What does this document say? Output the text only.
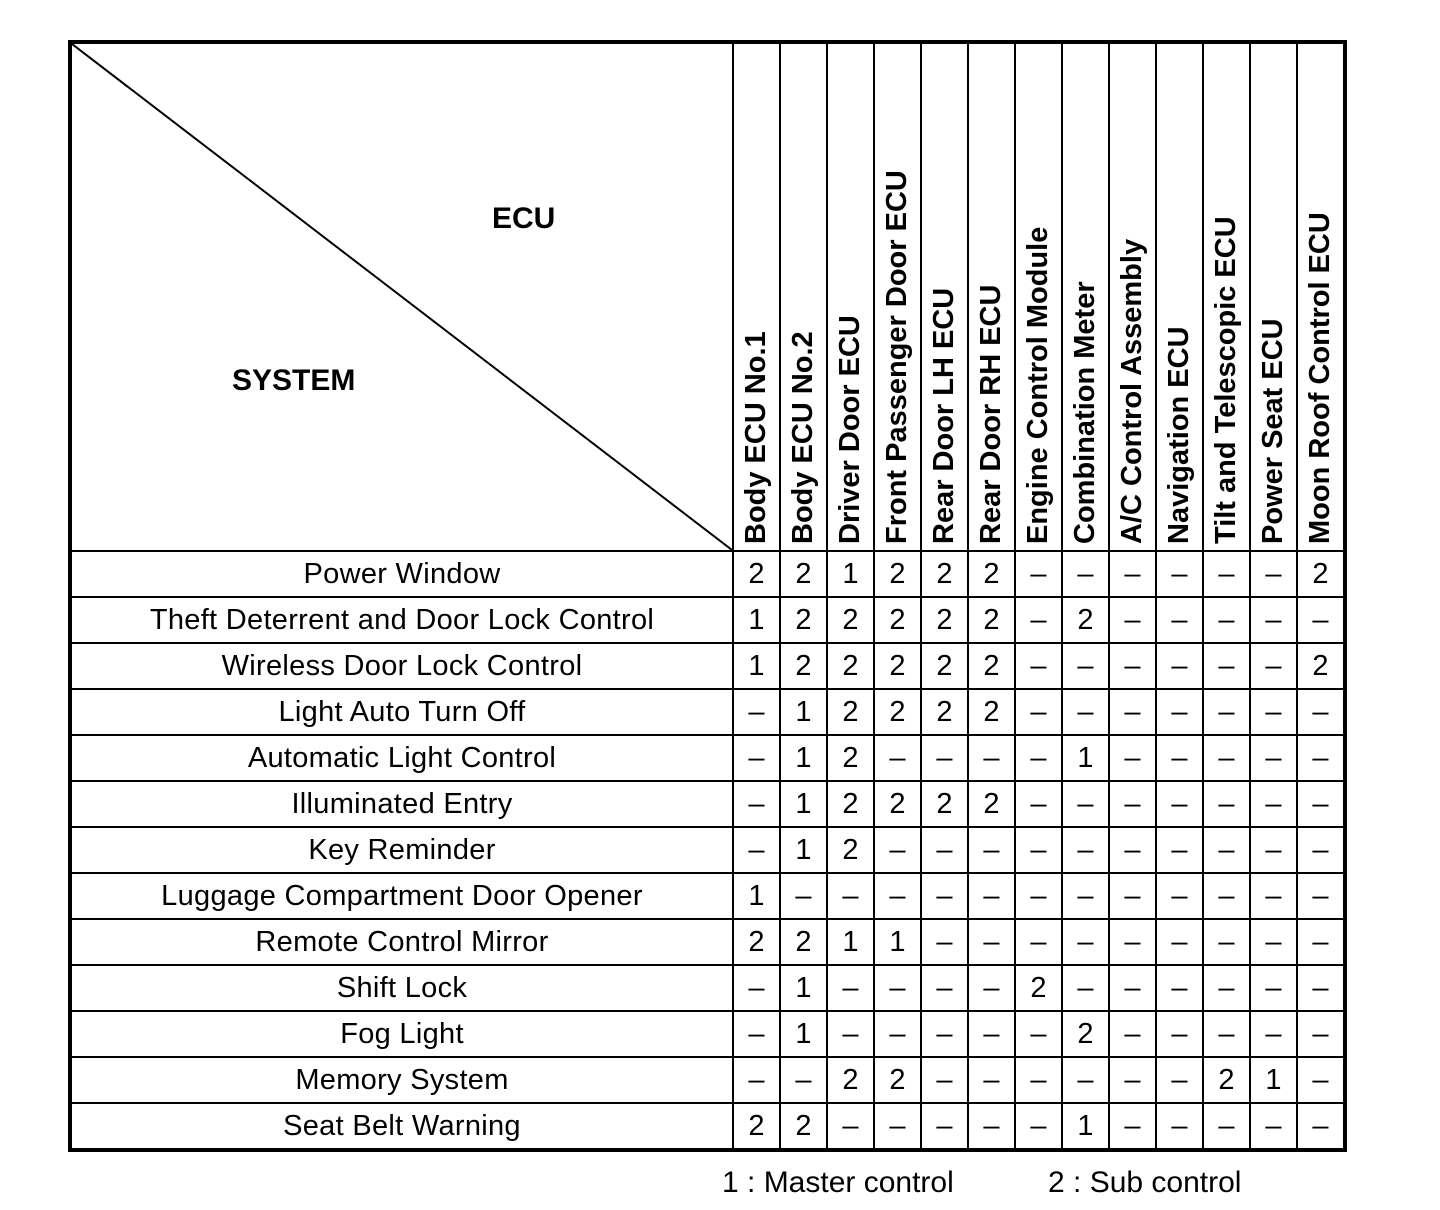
ECU
SYSTEM	Body ECU No.1	Body ECU No.2	Driver Door ECU	Front Passenger Door ECU	Rear Door LH ECU	Rear Door RH ECU	Engine Control Module	Combination Meter	A/C Control Assembly	Navigation ECU	Tilt and Telescopic ECU	Power Seat ECU	Moon Roof Control ECU

Power Window	2	2	1	2	2	2	–	–	–	–	–	–	2
Theft Deterrent and Door Lock Control	1	2	2	2	2	2	–	2	–	–	–	–	–
Wireless Door Lock Control	1	2	2	2	2	2	–	–	–	–	–	–	2
Light Auto Turn Off	–	1	2	2	2	2	–	–	–	–	–	–	–
Automatic Light Control	–	1	2	–	–	–	–	1	–	–	–	–	–
Illuminated Entry	–	1	2	2	2	2	–	–	–	–	–	–	–
Key Reminder	–	1	2	–	–	–	–	–	–	–	–	–	–
Luggage Compartment Door Opener	1	–	–	–	–	–	–	–	–	–	–	–	–
Remote Control Mirror	2	2	1	1	–	–	–	–	–	–	–	–	–
Shift Lock	–	1	–	–	–	–	2	–	–	–	–	–	–
Fog Light	–	1	–	–	–	–	–	2	–	–	–	–	–
Memory System	–	–	2	2	–	–	–	–	–	–	2	1	–
Seat Belt Warning	2	2	–	–	–	–	–	1	–	–	–	–	–
1 : Master control	2 : Sub control
